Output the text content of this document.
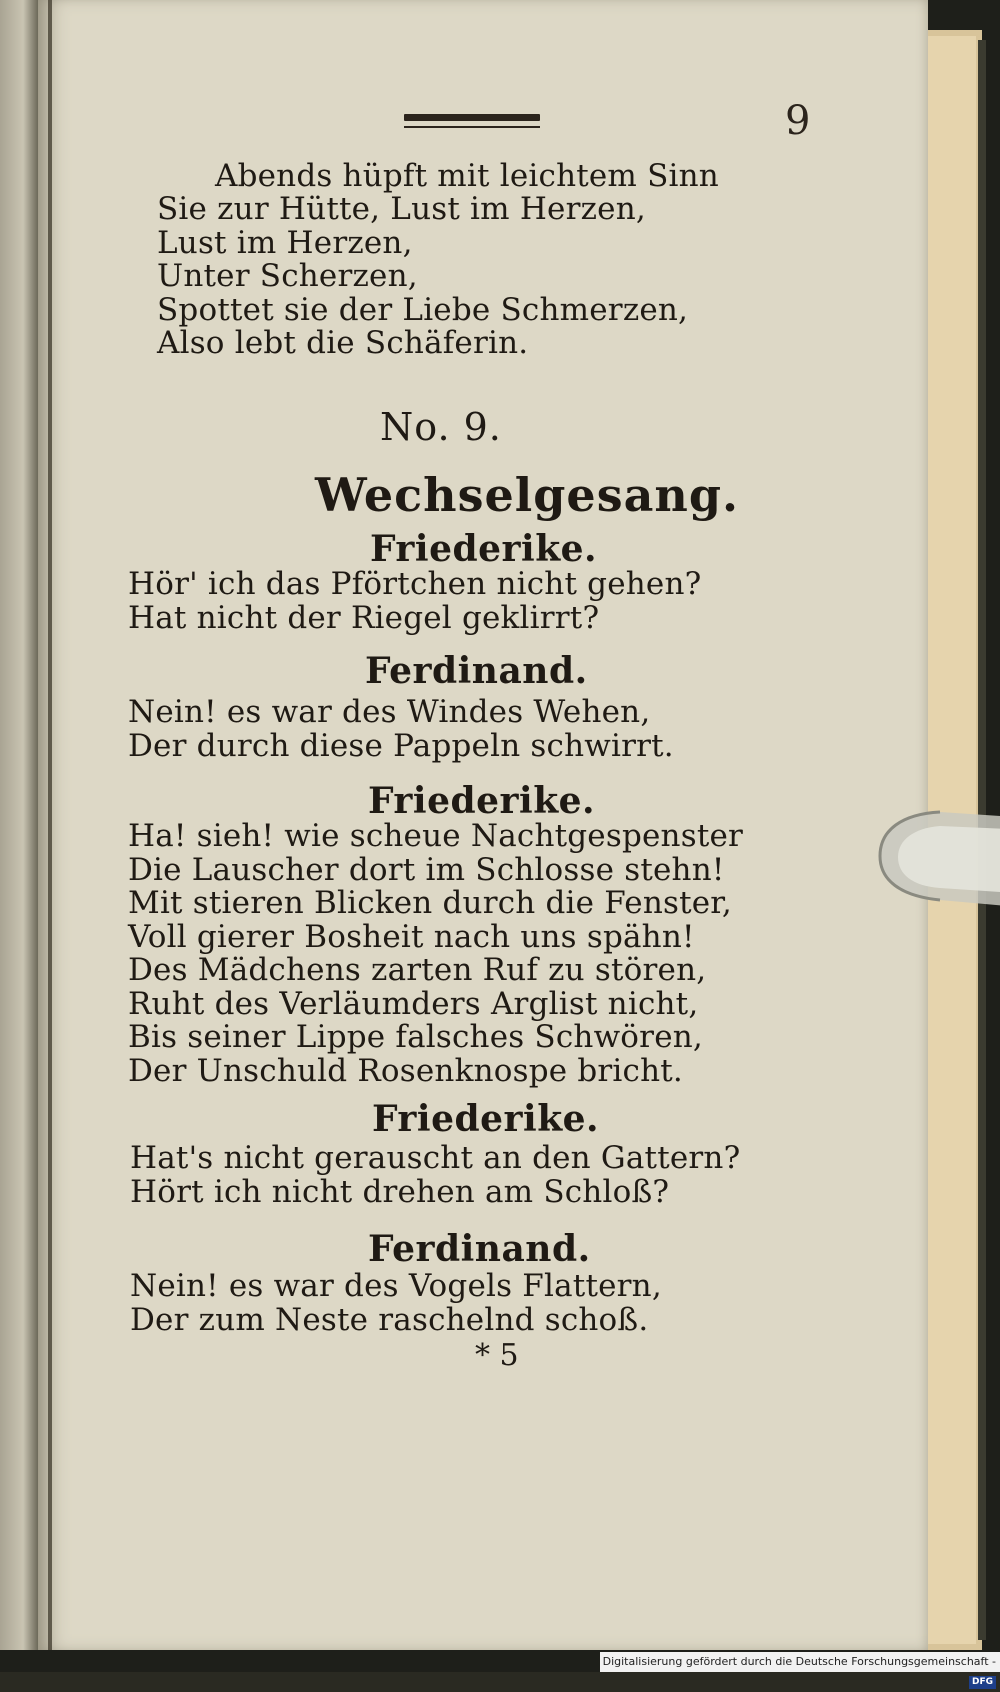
9
Abends hüpft mit leichtem Sinn
Sie zur Hütte, Lust im Herzen,
Lust im Herzen,
Unter Scherzen,
Spottet sie der Liebe Schmerzen,
Also lebt die Schäferin.
No. 9.
Wechselgesang.
Friederike.
Hör' ich das Pförtchen nicht gehen?
Hat nicht der Riegel geklirrt?
Ferdinand.
Nein! es war des Windes Wehen,
Der durch diese Pappeln schwirrt.
Friederike.
Ha! sieh! wie scheue Nachtgespenster
Die Lauscher dort im Schlosse stehn!
Mit stieren Blicken durch die Fenster,
Voll gierer Bosheit nach uns spähn!
Des Mädchens zarten Ruf zu stören,
Ruht des Verläumders Arglist nicht,
Bis seiner Lippe falsches Schwören,
Der Unschuld Rosenknospe bricht.
Friederike.
Hat's nicht gerauscht an den Gattern?
Hört ich nicht drehen am Schloß?
Ferdinand.
Nein! es war des Vogels Flattern,
Der zum Neste raschelnd schoß.
* 5
Digitalisierung gefördert durch die Deutsche Forschungsgemeinschaft -DFG
